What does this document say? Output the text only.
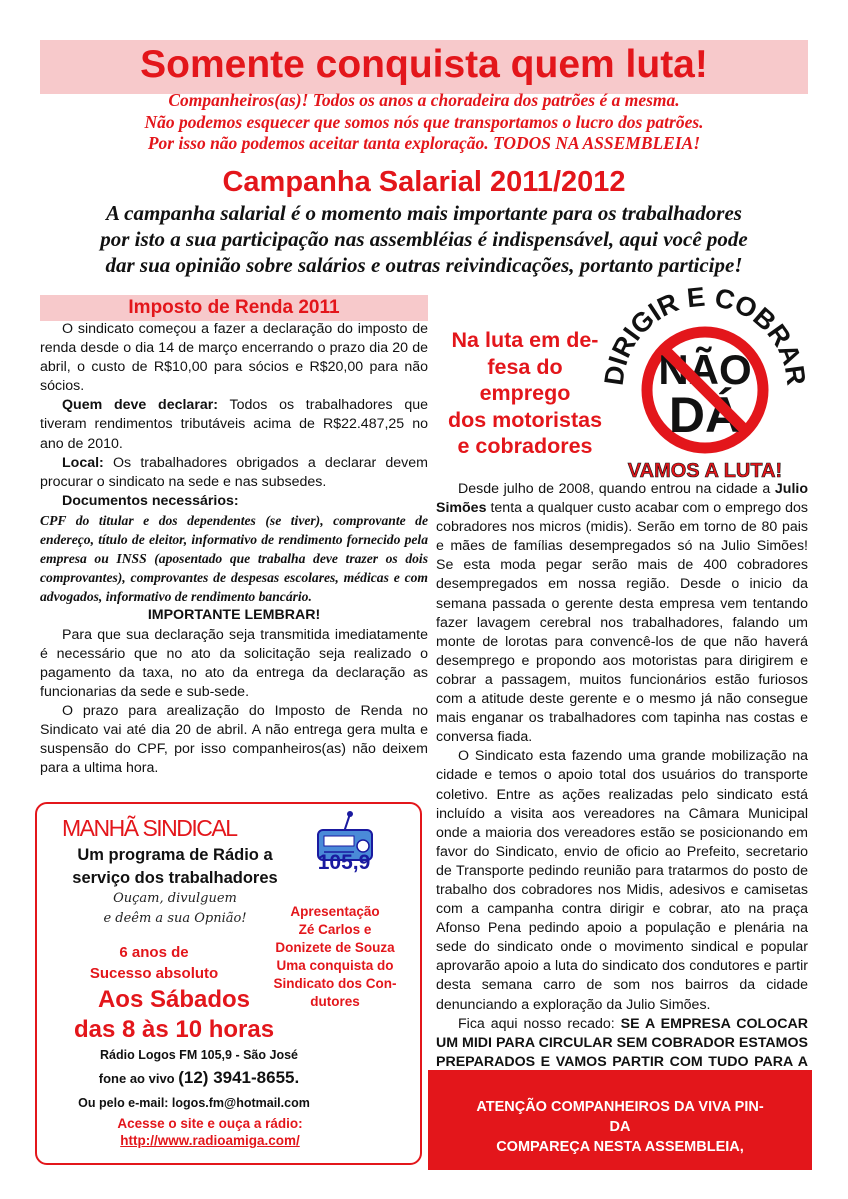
Somente conquista quem luta!
Companheiros(as)! Todos os anos a choradeira dos patrões é a mesma.
Não podemos esquecer que somos nós que transportamos o lucro dos patrões.
Por isso não podemos aceitar tanta exploração. TODOS NA ASSEMBLEIA!
Campanha Salarial 2011/2012
A campanha salarial é o momento mais importante para os trabalhadores
por isto a sua participação nas assembléias é indispensável, aqui você pode
dar sua opinião sobre salários e outras reivindicações, portanto participe!
Imposto de Renda 2011

O sindicato começou a fazer a declaração do imposto de renda desde o dia 14 de março encerrando o prazo dia 20 de abril, o custo de R$10,00 para sócios e R$20,00 para não sócios.

Quem deve declarar: Todos os trabalhadores que tiveram rendimentos tributáveis acima de R$22.487,25 no ano de 2010.

Local: Os trabalhadores obrigados a declarar devem procurar o sindicato na sede e nas subsedes.

Documentos necessários:

CPF do titular e dos dependentes (se tiver), comprovante de endereço, título de eleitor, informativo de rendimento fornecido pela empresa ou INSS (aposentado que trabalha deve trazer os dois comprovantes), comprovantes de despesas escolares, médicas e com advogados, informativo de rendimento bancário.

IMPORTANTE LEMBRAR!

Para que sua declaração seja transmitida imediatamente é necessário que no ato da solicitação seja realizado o pagamento da taxa, no ato da entrega da declaração as funcionarias da sede e sub-sede.

O prazo para arealização do Imposto de Renda no Sindicato vai até dia 20 de abril. A não entrega gera multa e suspensão do CPF, por isso companheiros(as) não deixem para a ultima hora.

Na luta em de-
fesa do
emprego
dos motoristas
e cobradores
DIRIGIR E COBRAR
NÃO
DÁ
VAMOS A LUTA!

Desde julho de 2008, quando entrou na cidade a Julio Simões tenta a qualquer custo acabar com o emprego dos cobradores nos micros (midis). Serão em torno de 80 pais e mães de famílias desempregados só na Julio Simões! Se esta moda pegar serão mais de 400 cobradores desempregados em nossa região. Desde o inicio da semana passada o gerente desta empresa vem tentando fazer lavagem cerebral nos trabalhadores, falando um monte de lorotas para convencê-los de que não haverá desemprego e propondo aos motoristas para dirigirem e cobrar a passagem, muitos funcionários estão furiosos com a atitude deste gerente e o mesmo já não consegue mais enganar os trabalhadores com tapinha nas costas e conversa fiada.

O Sindicato esta fazendo uma grande mobilização na cidade e temos o apoio total dos usuários do transporte coletivo. Entre as ações realizadas pelo sindicato está incluído a visita aos vereadores na Câmara Municipal onde a maioria dos vereadores estão se posicionando em favor do Sindicato, envio de oficio ao Prefeito, secretario de Transporte pedindo reunião para tratarmos do posto de trabalho dos cobradores nos Midis, adesivos e camisetas com a campanha contra dirigir e cobrar, ato na praça Afonso Pena pedindo apoio a população e plenária na sede do sindicato onde o movimento sindical e popular aprovarão apoio a luta do sindicato dos condutores e partir desta semana carro de som nos bairros da cidade denunciando a exploração da Julio Simões.

Fica aqui nosso recado: SE A EMPRESA COLOCAR UM MIDI PARA CIRCULAR SEM COBRADOR ESTAMOS PREPARADOS E VAMOS PARTIR COM TUDO PARA A

MANHÃ SINDICAL
Um programa de Rádio a
serviço dos trabalhadores
Ouçam, divulguem
e deêm a sua Opnião!
6 anos de
Sucesso absoluto
Aos Sábados
das 8 às 10 horas
Apresentação
Zé Carlos e
Donizete de Souza
Uma conquista do
Sindicato dos Con-
dutores
105,9
Rádio Logos FM 105,9 - São José
fone ao vivo (12) 3941-8655.
Ou pelo e-mail: logos.fm@hotmail.com
Acesse o site e ouça a rádio:
http://www.radioamiga.com/
ATENÇÃO COMPANHEIROS DA VIVA PIN-
DA
COMPAREÇA NESTA ASSEMBLEIA,
